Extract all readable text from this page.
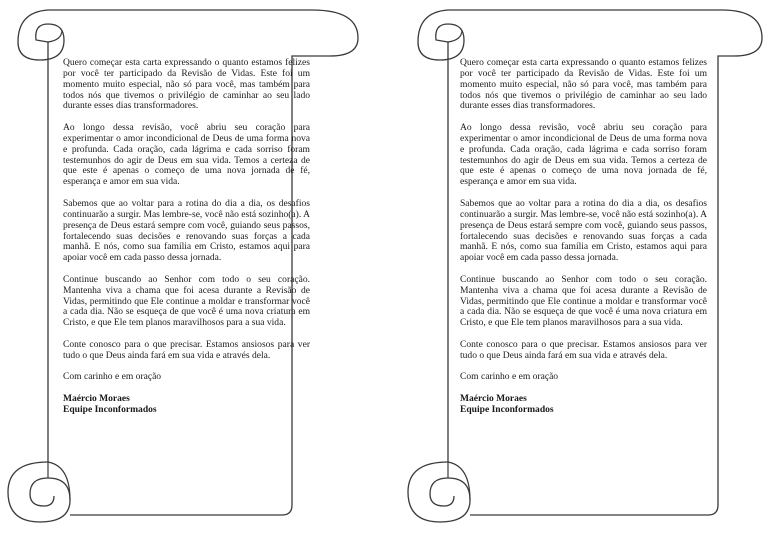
Quero começar esta carta expressando o quanto estamos felizes por você ter participado da Revisão de Vidas. Este foi um momento muito especial, não só para você, mas também para todos nós que tivemos o privilégio de caminhar ao seu lado durante esses dias transformadores.

Ao longo dessa revisão, você abriu seu coração para experimentar o amor incondicional de Deus de uma forma nova e profunda. Cada oração, cada lágrima e cada sorriso foram testemunhos do agir de Deus em sua vida. Temos a certeza de que este é apenas o começo de uma nova jornada de fé, esperança e amor em sua vida.

Sabemos que ao voltar para a rotina do dia a dia, os desafios continuarão a surgir. Mas lembre-se, você não está sozinho(a). A presença de Deus estará sempre com você, guiando seus passos, fortalecendo suas decisões e renovando suas forças a cada manhã. E nós, como sua família em Cristo, estamos aqui para apoiar você em cada passo dessa jornada.

Continue buscando ao Senhor com todo o seu coração. Mantenha viva a chama que foi acesa durante a Revisão de Vidas, permitindo que Ele continue a moldar e transformar você a cada dia. Não se esqueça de que você é uma nova criatura em Cristo, e que Ele tem planos maravilhosos para a sua vida.

Conte conosco para o que precisar. Estamos ansiosos para ver tudo o que Deus ainda fará em sua vida e através dela.

Com carinho e em oração

Maércio Moraes
Equipe Inconformados

Quero começar esta carta expressando o quanto estamos felizes por você ter participado da Revisão de Vidas. Este foi um momento muito especial, não só para você, mas também para todos nós que tivemos o privilégio de caminhar ao seu lado durante esses dias transformadores.

Ao longo dessa revisão, você abriu seu coração para experimentar o amor incondicional de Deus de uma forma nova e profunda. Cada oração, cada lágrima e cada sorriso foram testemunhos do agir de Deus em sua vida. Temos a certeza de que este é apenas o começo de uma nova jornada de fé, esperança e amor em sua vida.

Sabemos que ao voltar para a rotina do dia a dia, os desafios continuarão a surgir. Mas lembre-se, você não está sozinho(a). A presença de Deus estará sempre com você, guiando seus passos, fortalecendo suas decisões e renovando suas forças a cada manhã. E nós, como sua família em Cristo, estamos aqui para apoiar você em cada passo dessa jornada.

Continue buscando ao Senhor com todo o seu coração. Mantenha viva a chama que foi acesa durante a Revisão de Vidas, permitindo que Ele continue a moldar e transformar você a cada dia. Não se esqueça de que você é uma nova criatura em Cristo, e que Ele tem planos maravilhosos para a sua vida.

Conte conosco para o que precisar. Estamos ansiosos para ver tudo o que Deus ainda fará em sua vida e através dela.

Com carinho e em oração

Maércio Moraes
Equipe Inconformados
